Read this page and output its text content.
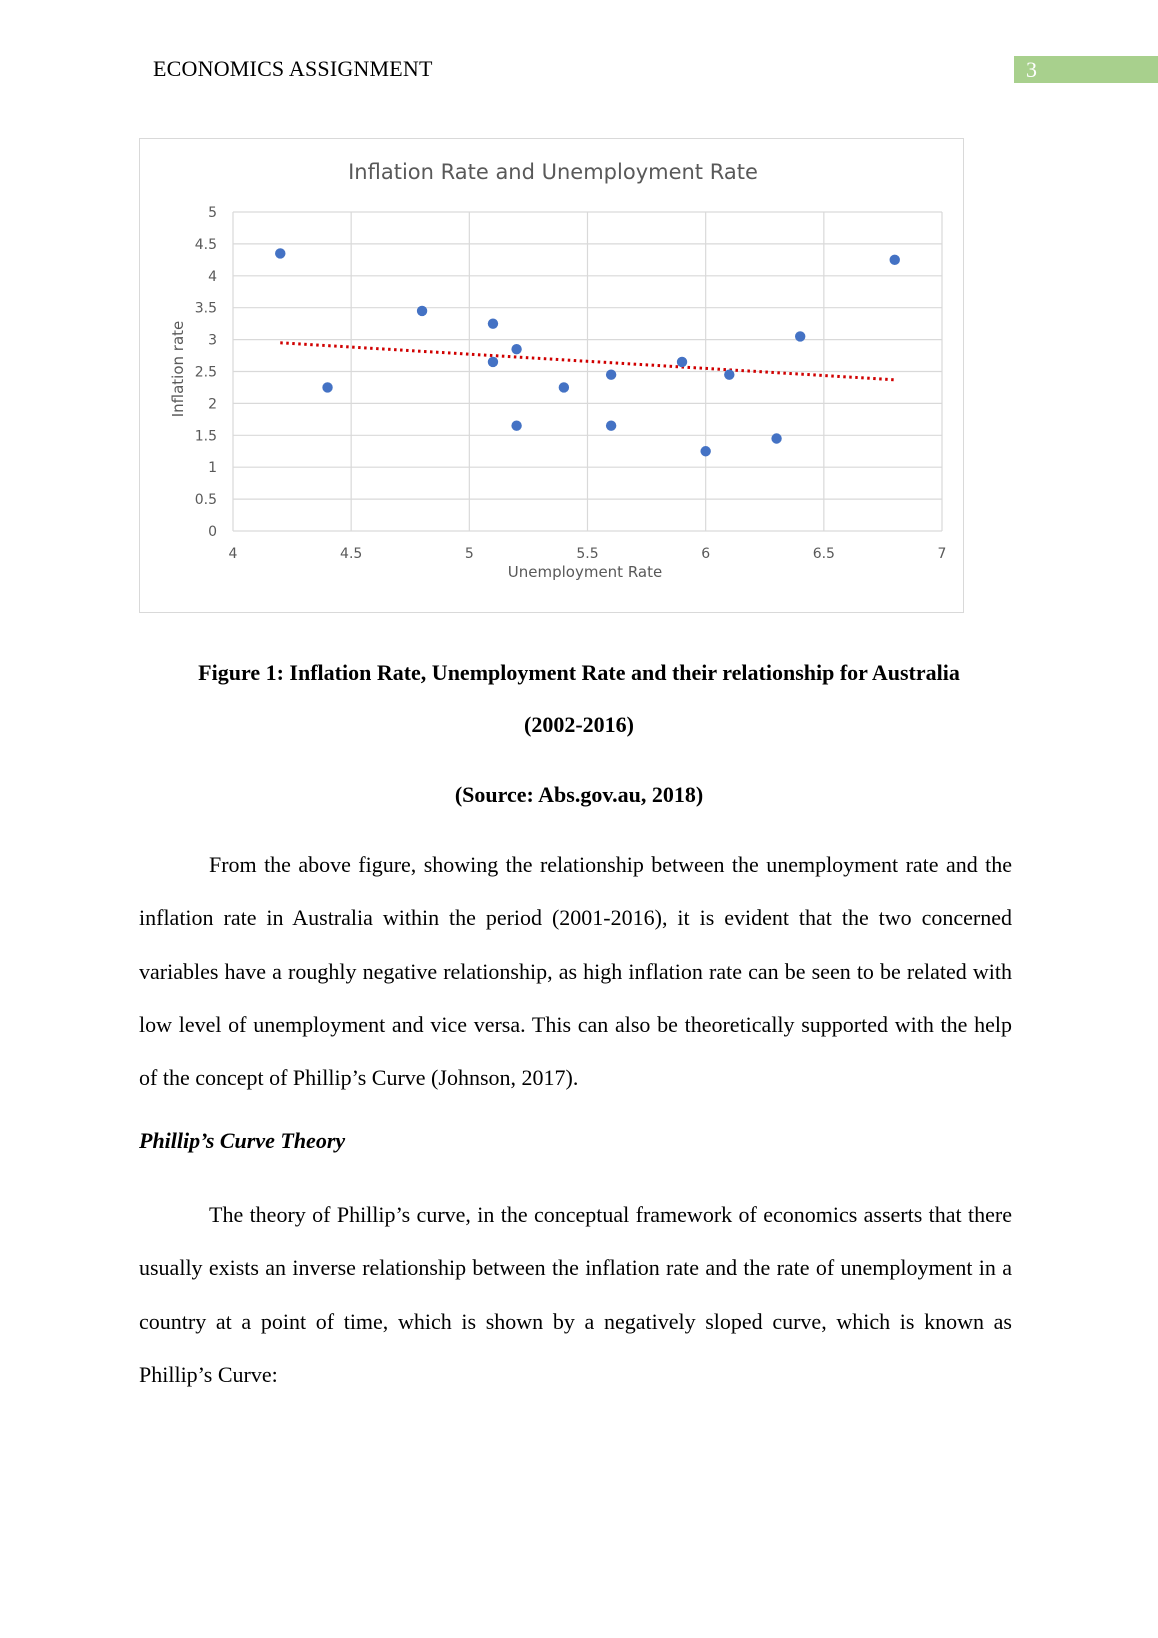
ECONOMICS ASSIGNMENT	3
Inflation Rate and Unemployment Rate
0
0.5
1
1.5
2
2.5
3
3.5
4
4.5
5
4	4.5	5	5.5	6	6.5	7
Unemployment Rate
Inflation rate
Figure 1: Inflation Rate, Unemployment Rate and their relationship for Australia
(2002-2016)
(Source: Abs.gov.au, 2018)

From the above figure, showing the relationship between the unemployment rate and the inflation rate in Australia within the period (2001-2016), it is evident that the two concerned variables have a roughly negative relationship, as high inflation rate can be seen to be related with low level of unemployment and vice versa. This can also be theoretically supported with the help of the concept of Phillip’s Curve (Johnson, 2017).

Phillip’s Curve Theory

The theory of Phillip’s curve, in the conceptual framework of economics asserts that there usually exists an inverse relationship between the inflation rate and the rate of unemployment in a country at a point of time, which is shown by a negatively sloped curve, which is known as Phillip’s Curve:
